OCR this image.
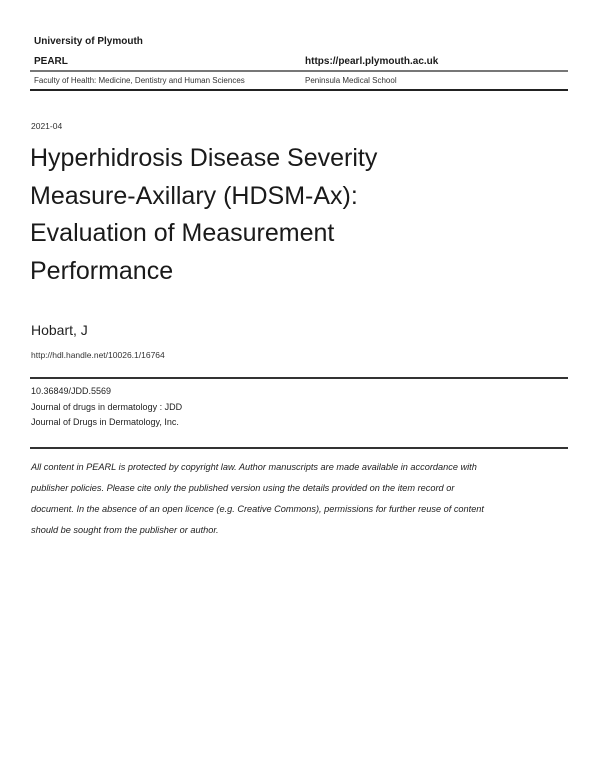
University of Plymouth
PEARL	https://pearl.plymouth.ac.uk
Faculty of Health: Medicine, Dentistry and Human Sciences	Peninsula Medical School
2021-04
Hyperhidrosis Disease Severity
Measure-Axillary (HDSM-Ax):
Evaluation of Measurement
Performance
Hobart, J
http://hdl.handle.net/10026.1/16764
10.36849/JDD.5569
Journal of drugs in dermatology : JDD
Journal of Drugs in Dermatology, Inc.
All content in PEARL is protected by copyright law. Author manuscripts are made available in accordance with
publisher policies. Please cite only the published version using the details provided on the item record or
document. In the absence of an open licence (e.g. Creative Commons), permissions for further reuse of content
should be sought from the publisher or author.
